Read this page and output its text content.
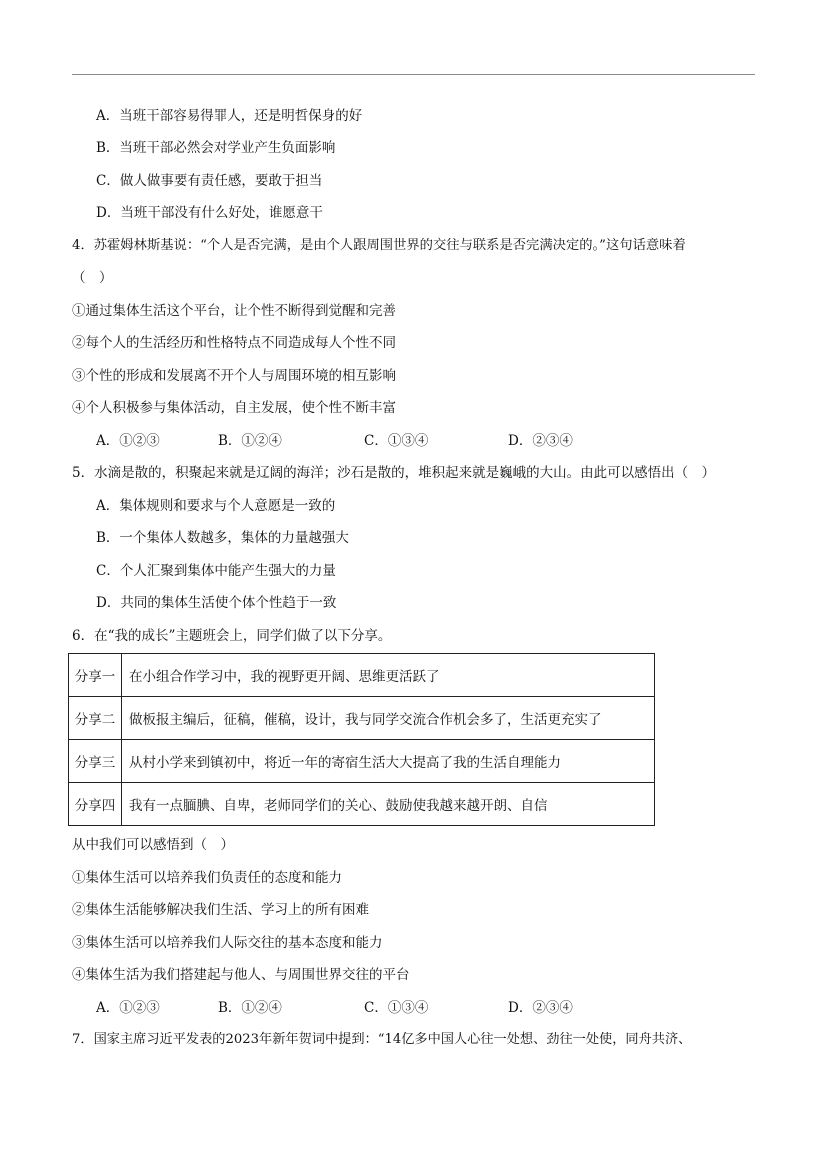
A．当班干部容易得罪人，还是明哲保身的好
B．当班干部必然会对学业产生负面影响
C．做人做事要有责任感，要敢于担当
D．当班干部没有什么好处，谁愿意干
4．苏霍姆林斯基说：“个人是否完满，是由个人跟周围世界的交往与联系是否完满决定的。”这句话意味着
（　）
①通过集体生活这个平台，让个性不断得到觉醒和完善
②每个人的生活经历和性格特点不同造成每人个性不同
③个性的形成和发展离不开个人与周围环境的相互影响
④个人积极参与集体活动，自主发展，使个性不断丰富
A．①②③	B．①②④	C．①③④	D．②③④
5．水滴是散的，积聚起来就是辽阔的海洋；沙石是散的，堆积起来就是巍峨的大山。由此可以感悟出（　）
A．集体规则和要求与个人意愿是一致的
B．一个集体人数越多，集体的力量越强大
C．个人汇聚到集体中能产生强大的力量
D．共同的集体生活使个体个性趋于一致
6．在“我的成长”主题班会上，同学们做了以下分享。
分享一	在小组合作学习中，我的视野更开阔、思维更活跃了
分享二	做板报主编后，征稿，催稿，设计，我与同学交流合作机会多了，生活更充实了
分享三	从村小学来到镇初中，将近一年的寄宿生活大大提高了我的生活自理能力
分享四	我有一点腼腆、自卑，老师同学们的关心、鼓励使我越来越开朗、自信
从中我们可以感悟到（　）
①集体生活可以培养我们负责任的态度和能力
②集体生活能够解决我们生活、学习上的所有困难
③集体生活可以培养我们人际交往的基本态度和能力
④集体生活为我们搭建起与他人、与周围世界交往的平台
A．①②③	B．①②④	C．①③④	D．②③④
7．国家主席习近平发表的2023年新年贺词中提到：“14亿多中国人心往一处想、劲往一处使，同舟共济、
